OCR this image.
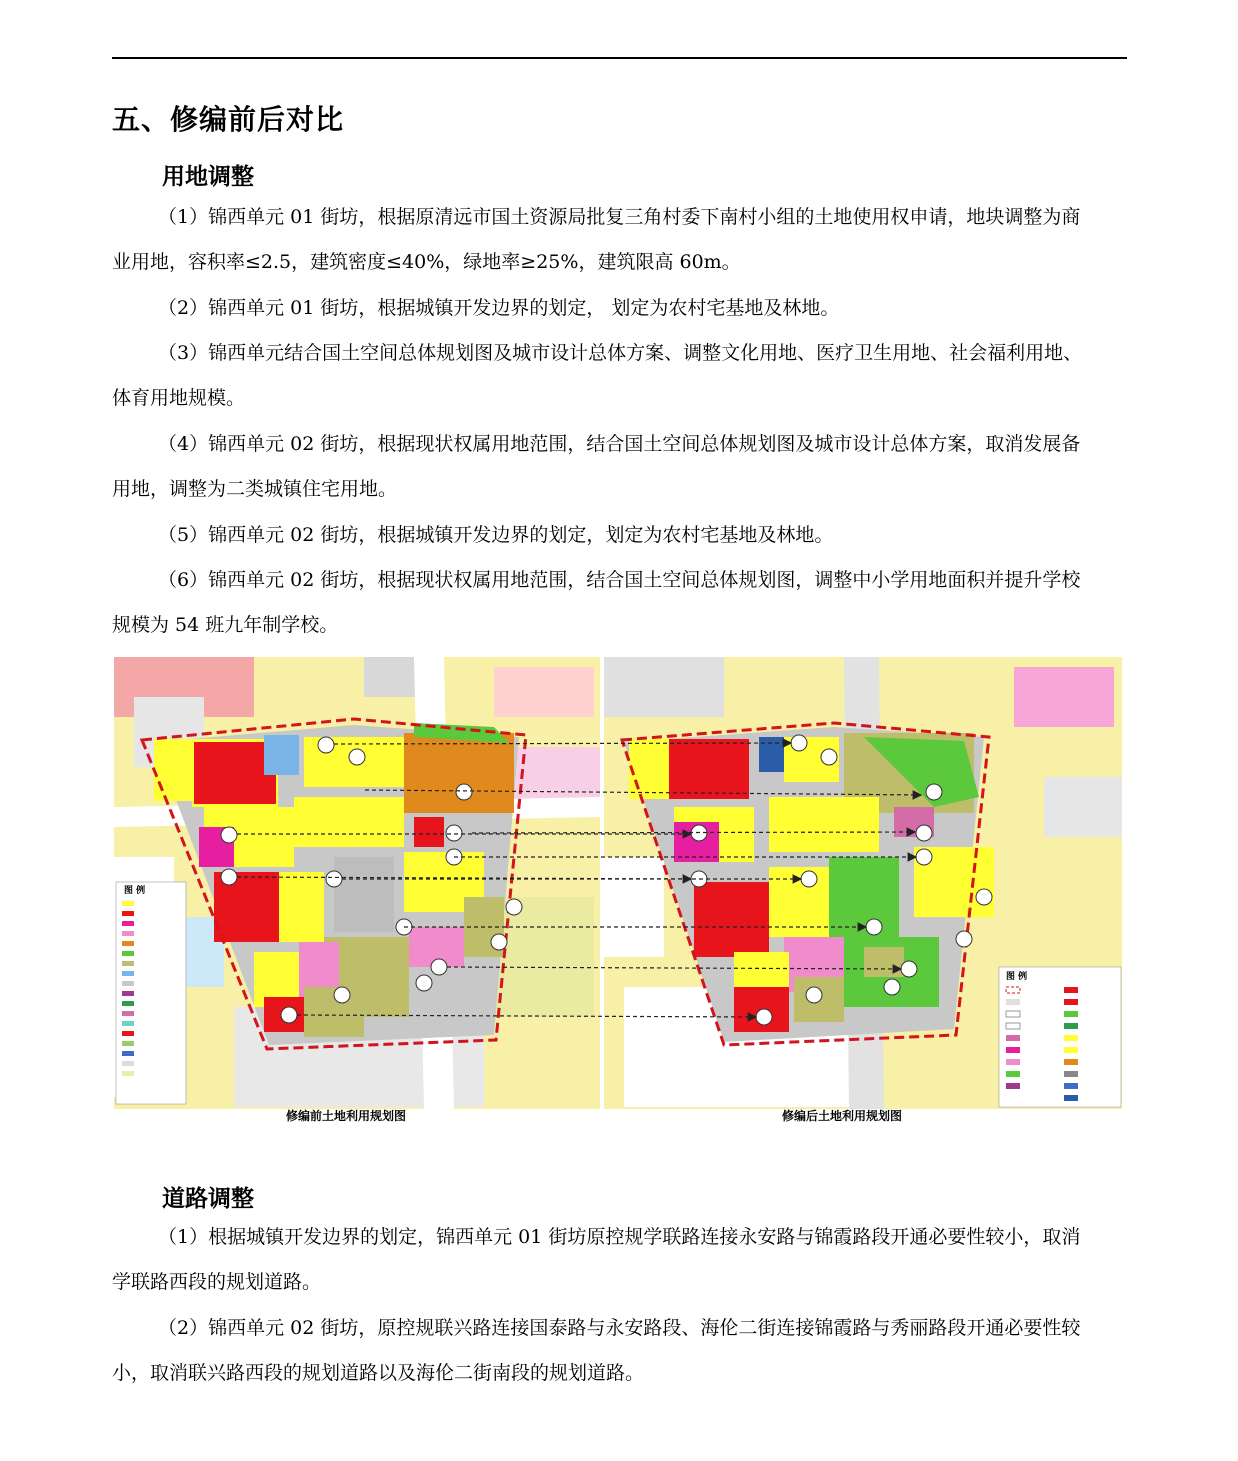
五、修编前后对比
用地调整

（1）锦西单元 01 街坊，根据原清远市国土资源局批复三角村委下南村小组的土地使用权申请，地块调整为商业用地，容积率≤2.5，建筑密度≤40%，绿地率≥25%，建筑限高 60m。

（2）锦西单元 01 街坊，根据城镇开发边界的划定， 划定为农村宅基地及林地。

（3）锦西单元结合国土空间总体规划图及城市设计总体方案、调整文化用地、医疗卫生用地、社会福利用地、体育用地规模。

（4）锦西单元 02 街坊，根据现状权属用地范围，结合国土空间总体规划图及城市设计总体方案，取消发展备用地，调整为二类城镇住宅用地。

（5）锦西单元 02 街坊，根据城镇开发边界的划定，划定为农村宅基地及林地。

（6）锦西单元 02 街坊，根据现状权属用地范围，结合国土空间总体规划图，调整中小学用地面积并提升学校规模为 54 班九年制学校。

图 例
图 例
修编前土地利用规划图	修编后土地利用规划图
道路调整

（1）根据城镇开发边界的划定，锦西单元 01 街坊原控规学联路连接永安路与锦霞路段开通必要性较小，取消学联路西段的规划道路。

（2）锦西单元 02 街坊，原控规联兴路连接国泰路与永安路段、海伦二街连接锦霞路与秀丽路段开通必要性较小，取消联兴路西段的规划道路以及海伦二街南段的规划道路。
